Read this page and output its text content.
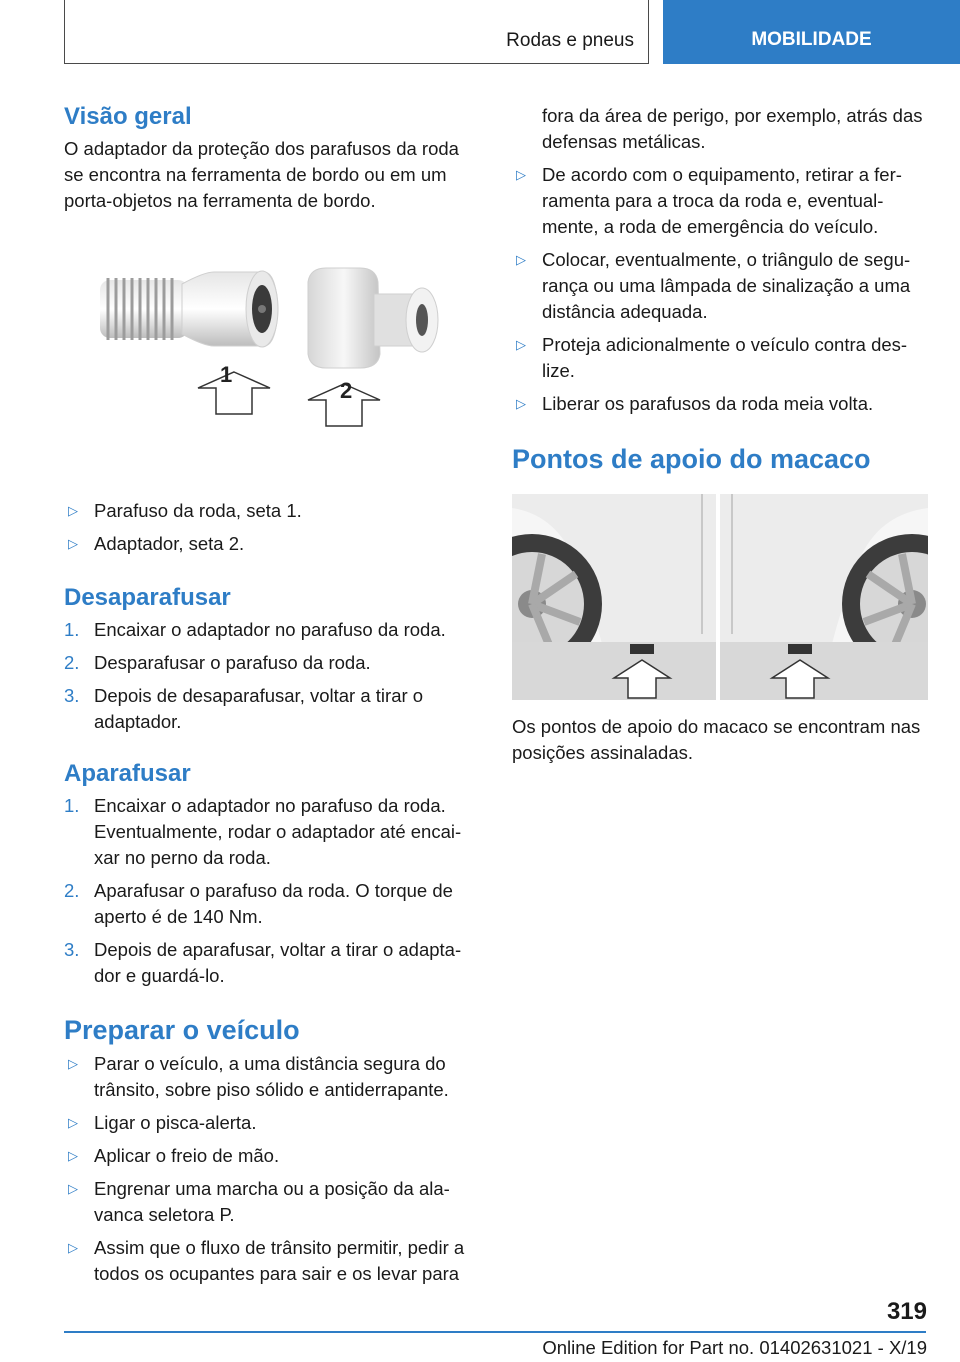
Rodas e pneus	MOBILIDADE
Visão geral

O adaptador da proteção dos parafusos da roda se encontra na ferramenta de bordo ou em um porta-objetos na ferramenta de bordo.

1
2
▷ Parafuso da roda, seta 1.
▷ Adaptador, seta 2.
Desaparafusar
1. Encaixar o adaptador no parafuso da roda.
2. Desparafusar o parafuso da roda.
3. Depois de desaparafusar, voltar a tirar o adaptador.
Aparafusar
1. Encaixar o adaptador no parafuso da roda. Eventualmente, rodar o adaptador até encaixar no perno da roda.
2. Aparafusar o parafuso da roda. O torque de aperto é de 140 Nm.
3. Depois de aparafusar, voltar a tirar o adaptador e guardá-lo.
Preparar o veículo
▷ Parar o veículo, a uma distância segura do trânsito, sobre piso sólido e antiderrapante.
▷ Ligar o pisca-alerta.
▷ Aplicar o freio de mão.
▷ Engrenar uma marcha ou a posição da alavanca seletora P.
▷ Assim que o fluxo de trânsito permitir, pedir a todos os ocupantes para sair e os levar para

fora da área de perigo, por exemplo, atrás das defensas metálicas.

▷ De acordo com o equipamento, retirar a ferramenta para a troca da roda e, eventualmente, a roda de emergência do veículo.
▷ Colocar, eventualmente, o triângulo de segurança ou uma lâmpada de sinalização a uma distância adequada.
▷ Proteja adicionalmente o veículo contra deslize.
▷ Liberar os parafusos da roda meia volta.
Pontos de apoio do macaco

Os pontos de apoio do macaco se encontram nas posições assinaladas.

319
Online Edition for Part no. 01402631021 - X/19
